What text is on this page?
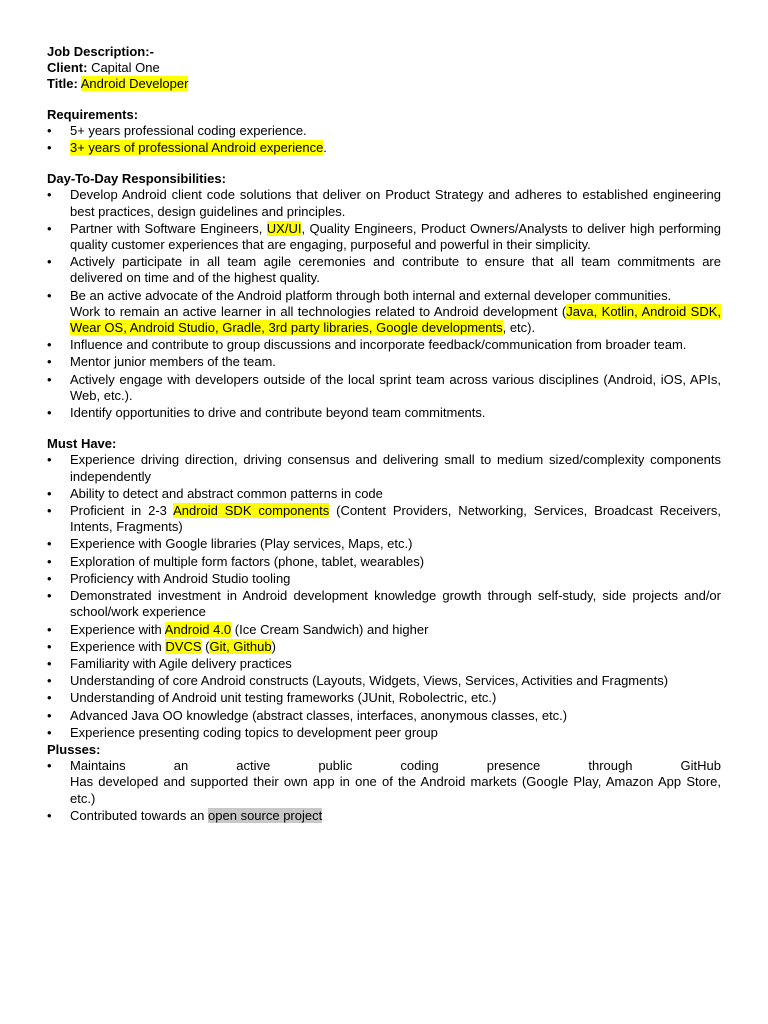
Job Description:-
Client: Capital One
Title: Android Developer
Requirements:
• 5+ years professional coding experience.
• 3+ years of professional Android experience.
Day-To-Day Responsibilities:
• Develop Android client code solutions that deliver on Product Strategy and adheres to established engineering best practices, design guidelines and principles.
• Partner with Software Engineers, UX/UI, Quality Engineers, Product Owners/Analysts to deliver high performing quality customer experiences that are engaging, purposeful and powerful in their simplicity.
• Actively participate in all team agile ceremonies and contribute to ensure that all team commitments are delivered on time and of the highest quality.
• Be an active advocate of the Android platform through both internal and external developer communities.
Work to remain an active learner in all technologies related to Android development (Java, Kotlin, Android SDK, Wear OS, Android Studio, Gradle, 3rd party libraries, Google developments, etc).
• Influence and contribute to group discussions and incorporate feedback/communication from broader team.
• Mentor junior members of the team.
• Actively engage with developers outside of the local sprint team across various disciplines (Android, iOS, APIs, Web, etc.).
• Identify opportunities to drive and contribute beyond team commitments.
Must Have:
• Experience driving direction, driving consensus and delivering small to medium sized/complexity components independently
• Ability to detect and abstract common patterns in code
• Proficient in 2-3 Android SDK components (Content Providers, Networking, Services, Broadcast Receivers, Intents, Fragments)
• Experience with Google libraries (Play services, Maps, etc.)
• Exploration of multiple form factors (phone, tablet, wearables)
• Proficiency with Android Studio tooling
• Demonstrated investment in Android development knowledge growth through self-study, side projects and/or school/work experience
• Experience with Android 4.0 (Ice Cream Sandwich) and higher
• Experience with DVCS (Git, Github)
• Familiarity with Agile delivery practices
• Understanding of core Android constructs (Layouts, Widgets, Views, Services, Activities and Fragments)
• Understanding of Android unit testing frameworks (JUnit, Robolectric, etc.)
• Advanced Java OO knowledge (abstract classes, interfaces, anonymous classes, etc.)
• Experience presenting coding topics to development peer group
Plusses:
• Maintains an active public coding presence through GitHub
Has developed and supported their own app in one of the Android markets (Google Play, Amazon App Store, etc.)
• Contributed towards an open source project
